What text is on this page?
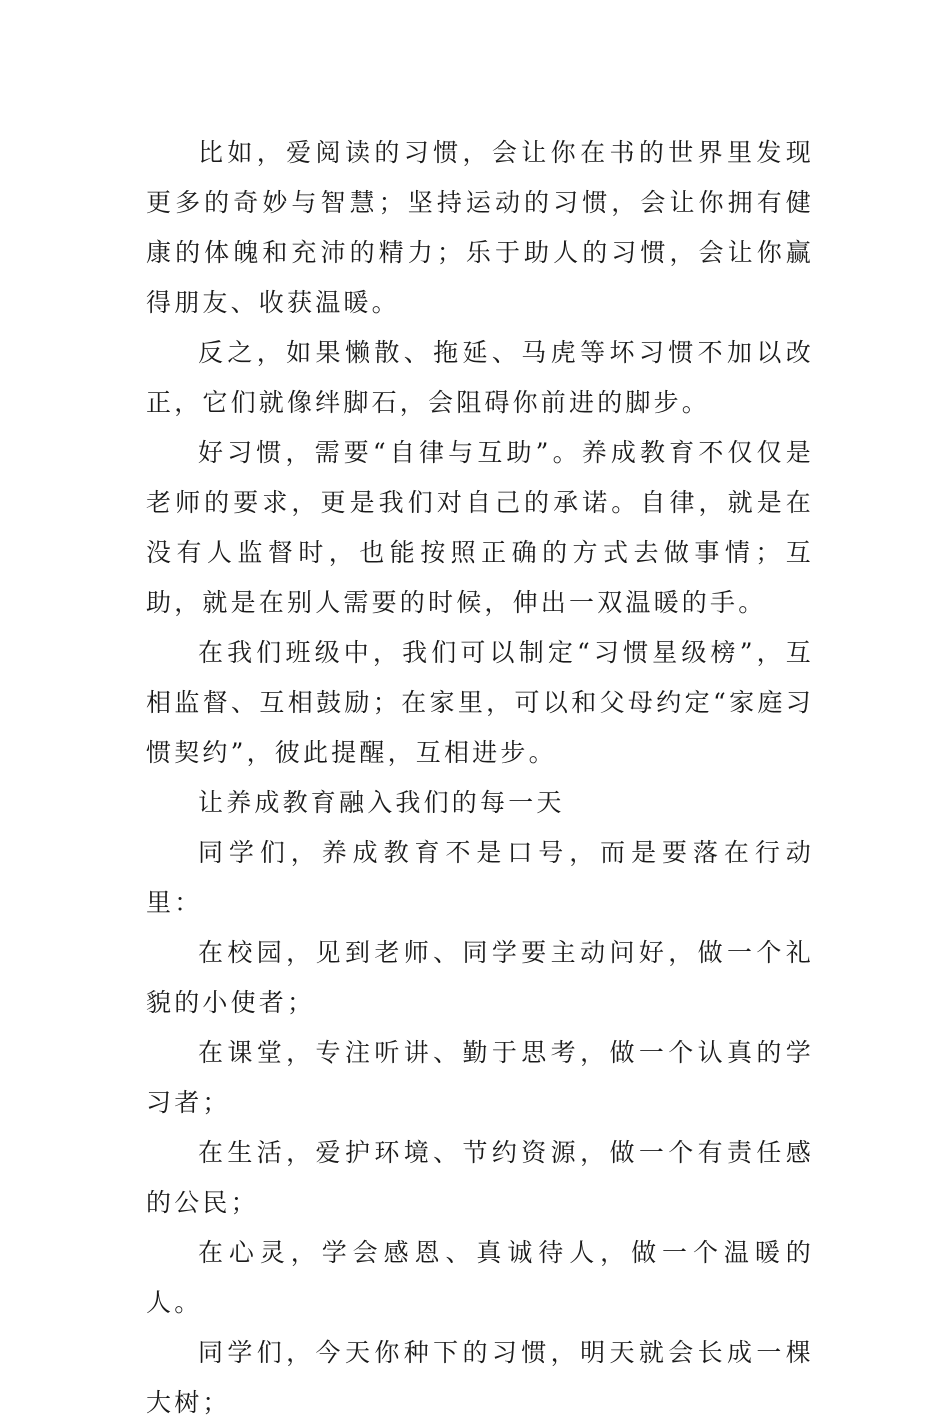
比如，爱阅读的习惯，会让你在书的世界里发现更多的奇妙与智慧；坚持运动的习惯，会让你拥有健康的体魄和充沛的精力；乐于助人的习惯，会让你赢得朋友、收获温暖。

反之，如果懒散、拖延、马虎等坏习惯不加以改正，它们就像绊脚石，会阻碍你前进的脚步。

好习惯，需要“自律与互助”。养成教育不仅仅是老师的要求，更是我们对自己的承诺。自律，就是在没有人监督时，也能按照正确的方式去做事情；互助，就是在别人需要的时候，伸出一双温暖的手。

在我们班级中，我们可以制定“习惯星级榜”，互相监督、互相鼓励；在家里，可以和父母约定“家庭习惯契约”，彼此提醒，互相进步。

让养成教育融入我们的每一天

同学们，养成教育不是口号，而是要落在行动里：

在校园，见到老师、同学要主动问好，做一个礼貌的小使者；

在课堂，专注听讲、勤于思考，做一个认真的学习者；

在生活，爱护环境、节约资源，做一个有责任感的公民；

在心灵，学会感恩、真诚待人，做一个温暖的人。

同学们，今天你种下的习惯，明天就会长成一棵大树；
